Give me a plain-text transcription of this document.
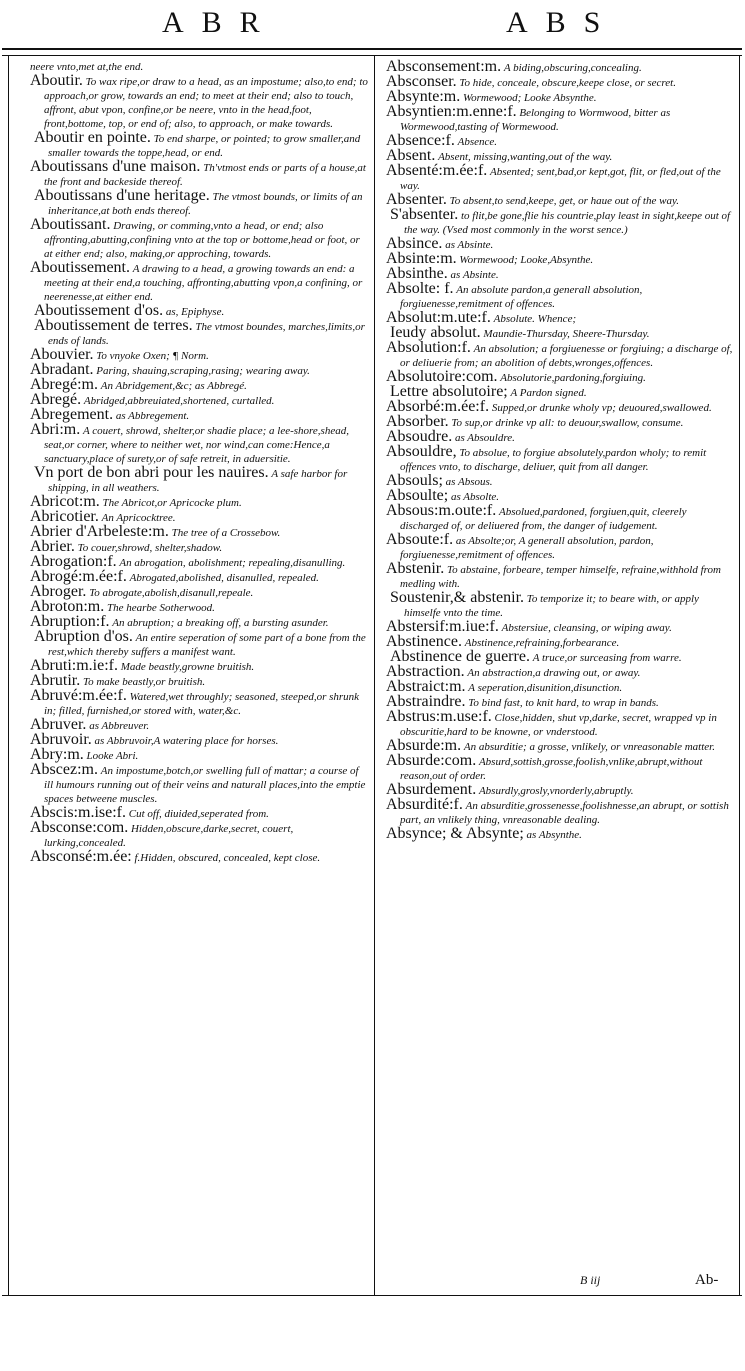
ABR	ABS

neere vnto,met at,the end.

Aboutir. To wax ripe,or draw to a head, as an impostume; also,to end; to approach,or grow, towards an end; to meet at their end; also to touch, affront, abut vpon, confine,or be neere, vnto in the head,foot, front,bottome, top, or end of; also, to approach, or make towards.

Aboutir en pointe. To end sharpe, or pointed; to grow smaller,and smaller towards the toppe,head, or end.

Aboutissans d'une maison. Th'vtmost ends or parts of a house,at the front and backeside thereof.

Aboutissans d'une heritage. The vtmost bounds, or limits of an inheritance,at both ends thereof.

Aboutissant. Drawing, or comming,vnto a head, or end; also affronting,abutting,confining vnto at the top or bottome,head or foot, or at either end; also, making,or approching, towards.

Aboutissement. A drawing to a head, a growing towards an end: a meeting at their end,a touching, affronting,abutting vpon,a confining, or neerenesse,at either end.

Aboutissement d'os. as, Epiphyse.

Aboutissement de terres. The vtmost boundes, marches,limits,or ends of lands.

Abouvier. To vnyoke Oxen; ¶ Norm.

Abradant. Paring, shauing,scraping,rasing; wearing away.

Abregé:m. An Abridgement,&c; as Abbregé.

Abregé. Abridged,abbreuiated,shortened, curtalled.

Abregement. as Abbregement.

Abri:m. A couert, shrowd, shelter,or shadie place; a lee-shore,shead, seat,or corner, where to neither wet, nor wind,can come:Hence,a sanctuary,place of surety,or of safe retreit, in aduersitie.

Vn port de bon abri pour les nauires. A safe harbor for shipping, in all weathers.

Abricot:m. The Abricot,or Apricocke plum.

Abricotier. An Apricocktree.

Abrier d'Arbeleste:m. The tree of a Crossebow.

Abrier. To couer,shrowd, shelter,shadow.

Abrogation:f. An abrogation, abolishment; repealing,disanulling.

Abrogé:m.ée:f. Abrogated,abolished, disanulled, repealed.

Abroger. To abrogate,abolish,disanull,repeale.

Abroton:m. The hearbe Sotherwood.

Abruption:f. An abruption; a breaking off, a bursting asunder.

Abruption d'os. An entire seperation of some part of a bone from the rest,which thereby suffers a manifest want.

Abruti:m.ie:f. Made beastly,growne bruitish.

Abrutir. To make beastly,or bruitish.

Abruvé:m.ée:f. Watered,wet throughly; seasoned, steeped,or shrunk in; filled, furnished,or stored with, water,&c.

Abruver. as Abbreuver.

Abruvoir. as Abbruvoir,A watering place for horses.

Abry:m. Looke Abri.

Abscez:m. An impostume,botch,or swelling full of mattar; a course of ill humours running out of their veins and naturall places,into the emptie spaces betweene muscles.

Abscis:m.ise:f. Cut off, diuided,seperated from.

Absconse:com. Hidden,obscure,darke,secret, couert, lurking,concealed.

Absconsé:m.ée: f.Hidden, obscured, concealed, kept close.

Absconsement:m. A biding,obscuring,concealing.

Absconser. To hide, conceale, obscure,keepe close, or secret.

Absynte:m. Wormewood; Looke Absynthe.

Absyntien:m.enne:f. Belonging to Wormwood, bitter as Wormewood,tasting of Wormewood.

Absence:f. Absence.

Absent. Absent, missing,wanting,out of the way.

Absenté:m.ée:f. Absented; sent,bad,or kept,got, flit, or fled,out of the way.

Absenter. To absent,to send,keepe, get, or haue out of the way.

S'absenter. to flit,be gone,flie his countrie,play least in sight,keepe out of the way. (Vsed most commonly in the worst sence.)

Absince. as Absinte.

Absinte:m. Wormewood; Looke,Absynthe.

Absinthe. as Absinte.

Absolte: f. An absolute pardon,a generall absolution, forgiuenesse,remitment of offences.

Absolut:m.ute:f. Absolute. Whence;

Ieudy absolut. Maundie-Thursday, Sheere-Thursday.

Absolution:f. An absolution; a forgiuenesse or forgiuing; a discharge of, or deliuerie from; an abolition of debts,wronges,offences.

Absolutoire:com. Absolutorie,pardoning,forgiuing.

Lettre absolutoire; A Pardon signed.

Absorbé:m.ée:f. Supped,or drunke wholy vp; deuoured,swallowed.

Absorber. To sup,or drinke vp all: to deuour,swallow, consume.

Absoudre. as Absouldre.

Absouldre, To absolue, to forgiue absolutely,pardon wholy; to remit offences vnto, to discharge, deliuer, quit from all danger.

Absouls; as Absous.

Absoulte; as Absolte.

Absous:m.oute:f. Absolued,pardoned, forgiuen,quit, cleerely discharged of, or deliuered from, the danger of iudgement.

Absoute:f. as Absolte;or, A generall absolution, pardon, forgiuenesse,remitment of offences.

Abstenir. To abstaine, forbeare, temper himselfe, refraine,withhold from medling with.

Soustenir,& abstenir. To temporize it; to beare with, or apply himselfe vnto the time.

Abstersif:m.iue:f. Abstersiue, cleansing, or wiping away.

Abstinence. Abstinence,refraining,forbearance.

Abstinence de guerre. A truce,or surceasing from warre.

Abstraction. An abstraction,a drawing out, or away.

Abstraict:m. A seperation,disunition,disunction.

Abstraindre. To bind fast, to knit hard, to wrap in bands.

Abstrus:m.use:f. Close,hidden, shut vp,darke, secret, wrapped vp in obscuritie,hard to be knowne, or vnderstood.

Absurde:m. An absurditie; a grosse, vnlikely, or vnreasonable matter.

Absurde:com. Absurd,sottish,grosse,foolish,vnlike,abrupt,without reason,out of order.

Absurdement. Absurdly,grosly,vnorderly,abruptly.

Absurdité:f. An absurditie,grossenesse,foolishnesse,an abrupt, or sottish part, an vnlikely thing, vnreasonable dealing.

Absynce; & Absynte; as Absynthe.

B iij	Ab-
